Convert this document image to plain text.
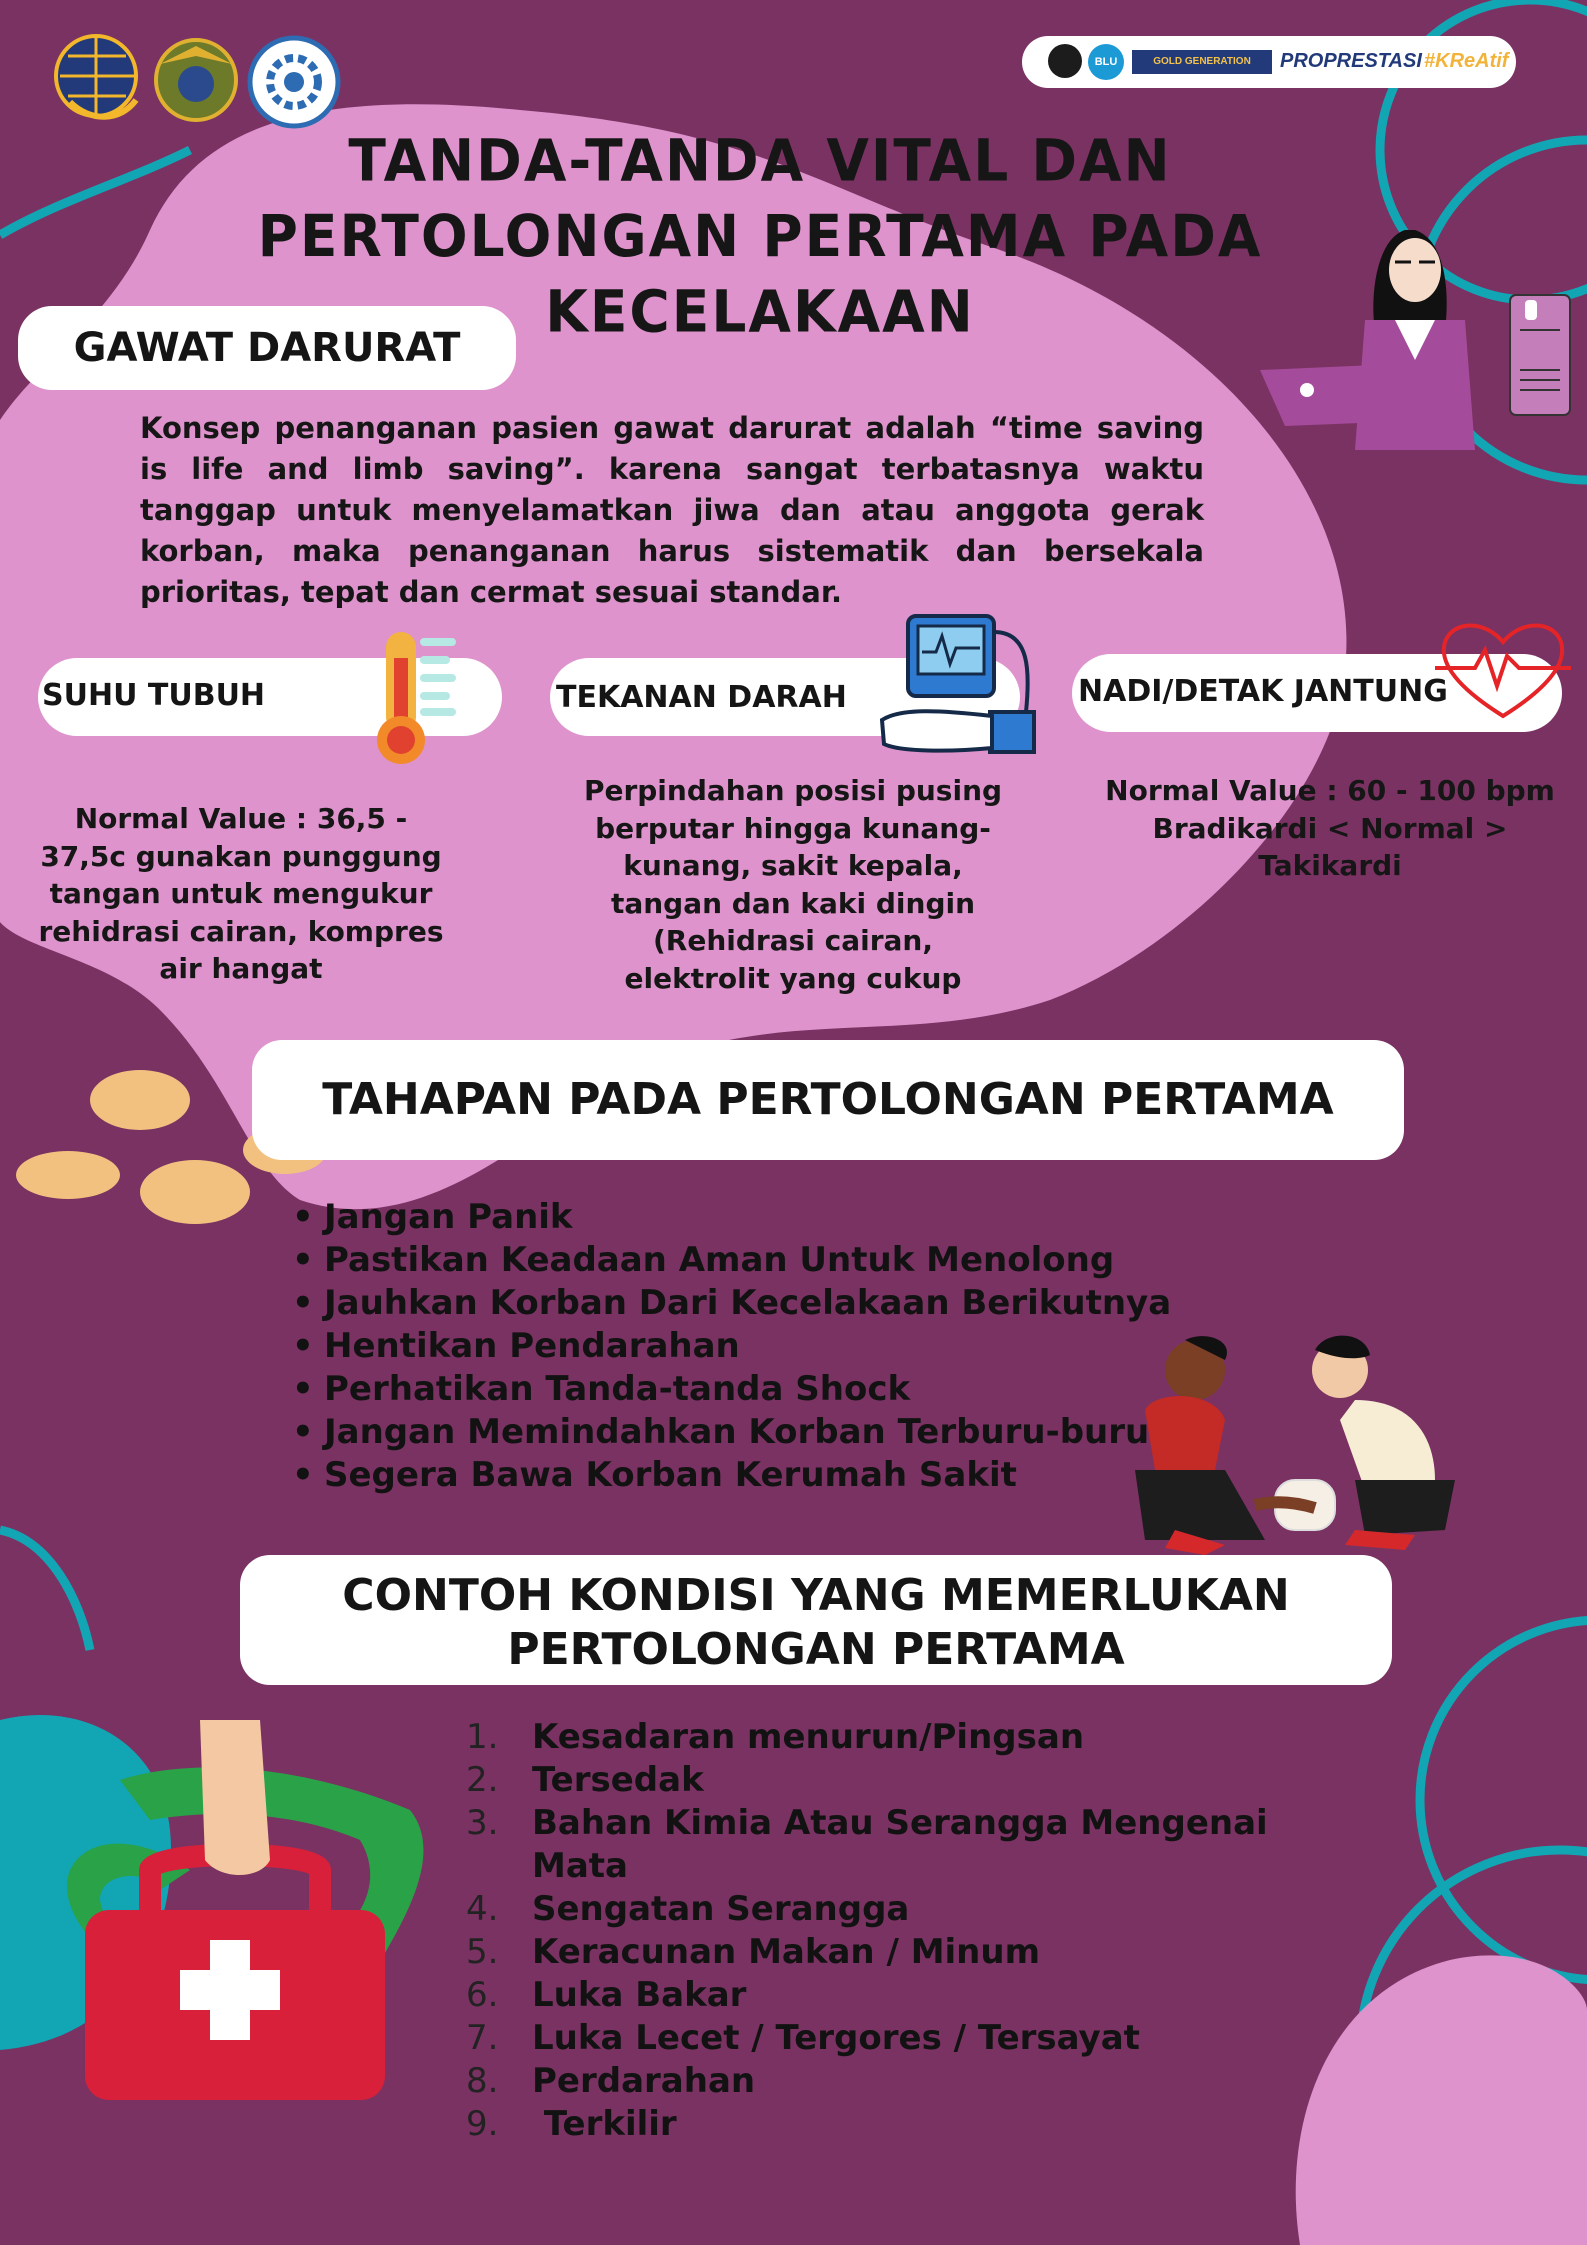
BLU	GOLD GENERATION	PROPRESTASI #KReAtif
TANDA-TANDA VITAL DAN
PERTOLONGAN PERTAMA PADA KECELAKAAN
GAWAT DARURAT

Konsep penanganan pasien gawat darurat adalah “time saving is life and limb saving”. karena sangat terbatasnya waktu tanggap untuk menyelamatkan jiwa dan atau anggota gerak korban, maka penanganan harus sistematik dan bersekala prioritas, tepat dan cermat sesuai standar.

SUHU TUBUH
Normal Value : 36,5 - 37,5c gunakan punggung tangan untuk mengukur rehidrasi cairan, kompres air hangat
TEKANAN DARAH
Perpindahan posisi pusing berputar hingga kunang-kunang, sakit kepala, tangan dan kaki dingin (Rehidrasi cairan, elektrolit yang cukup
NADI/DETAK JANTUNG
Normal Value : 60 - 100 bpm Bradikardi < Normal > Takikardi
TAHAPAN PADA PERTOLONGAN PERTAMA
• Jangan Panik
• Pastikan Keadaan Aman Untuk Menolong
• Jauhkan Korban Dari Kecelakaan Berikutnya
• Hentikan Pendarahan
• Perhatikan Tanda-tanda Shock
• Jangan Memindahkan Korban Terburu-buru
• Segera Bawa Korban Kerumah Sakit
CONTOH KONDISI YANG MEMERLUKAN
PERTOLONGAN PERTAMA
1. Kesadaran menurun/Pingsan
2. Tersedak
3. Bahan Kimia Atau Serangga Mengenai Mata
4. Sengatan Serangga
5. Keracunan Makan / Minum
6. Luka Bakar
7. Luka Lecet / Tergores / Tersayat
8. Perdarahan
9. Terkilir
